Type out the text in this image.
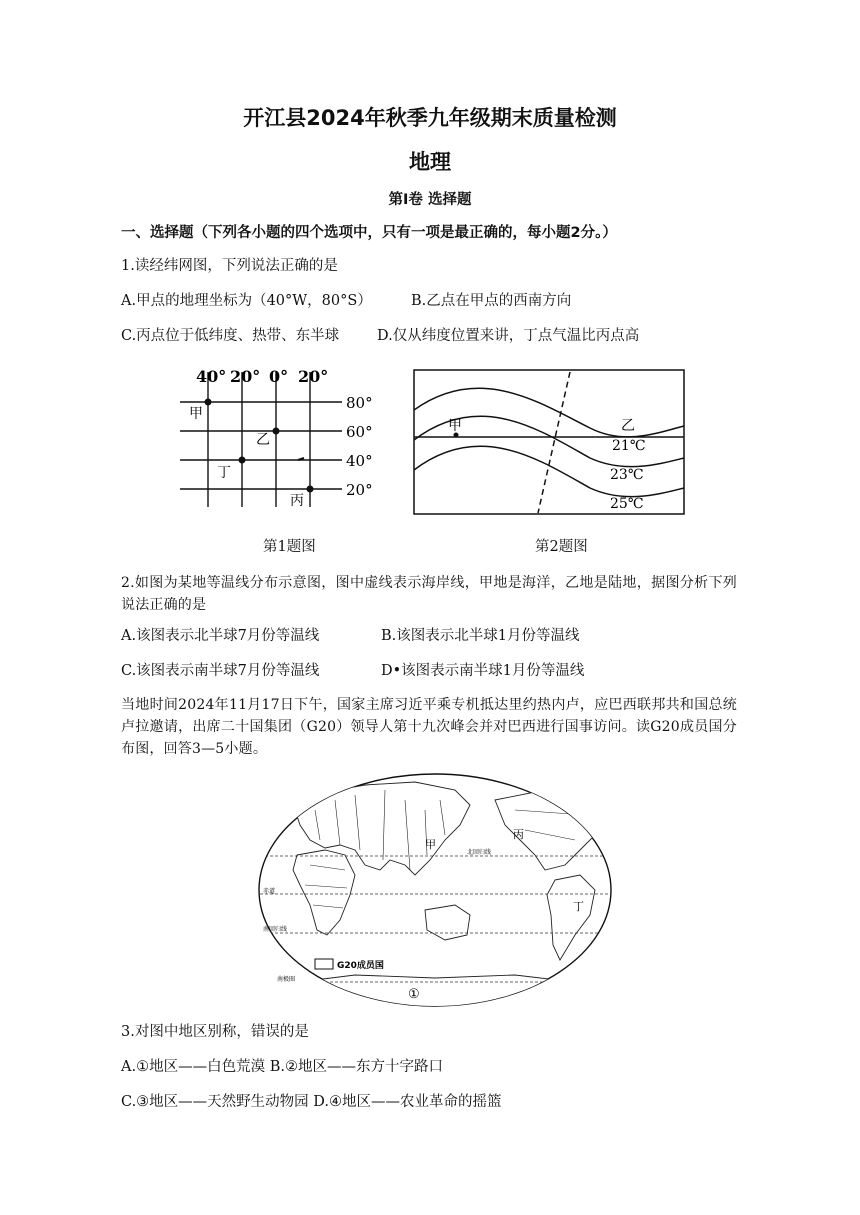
开江县2024年秋季九年级期末质量检测
地理
第Ⅰ卷 选择题
一、选择题（下列各小题的四个选项中，只有一项是最正确的，每小题2分。）
1.读经纬网图，下列说法正确的是
A.甲点的地理坐标为（40°W，80°S）	B.乙点在甲点的西南方向
C.丙点位于低纬度、热带、东半球	D.仅从纬度位置来讲，丁点气温比丙点高
40° 20° 0° 20°
80°
60°
40°
20°
甲
乙
丁
丙
甲	乙
21℃
23℃
25℃
第1题图	第2题图
2.如图为某地等温线分布示意图，图中虚线表示海岸线，甲地是海洋，乙地是陆地，据图分析下列说法正确的是
A.该图表示北半球7月份等温线	B.该图表示北半球1月份等温线
C.该图表示南半球7月份等温线	D•该图表示南半球1月份等温线
当地时间2024年11月17日下午，国家主席习近平乘专机抵达里约热内卢，应巴西联邦共和国总统卢拉邀请，出席二十国集团（G20）领导人第十九次峰会并对巴西进行国事访问。读G20成员国分布图，回答3—5小题。
北回归线
赤道
南回归线
南极圈
甲
丙
丁
①
G20成员国
3.对图中地区别称，错误的是
A.①地区——白色荒漠 B.②地区——东方十字路口
C.③地区——天然野生动物园 D.④地区——农业革命的摇篮
